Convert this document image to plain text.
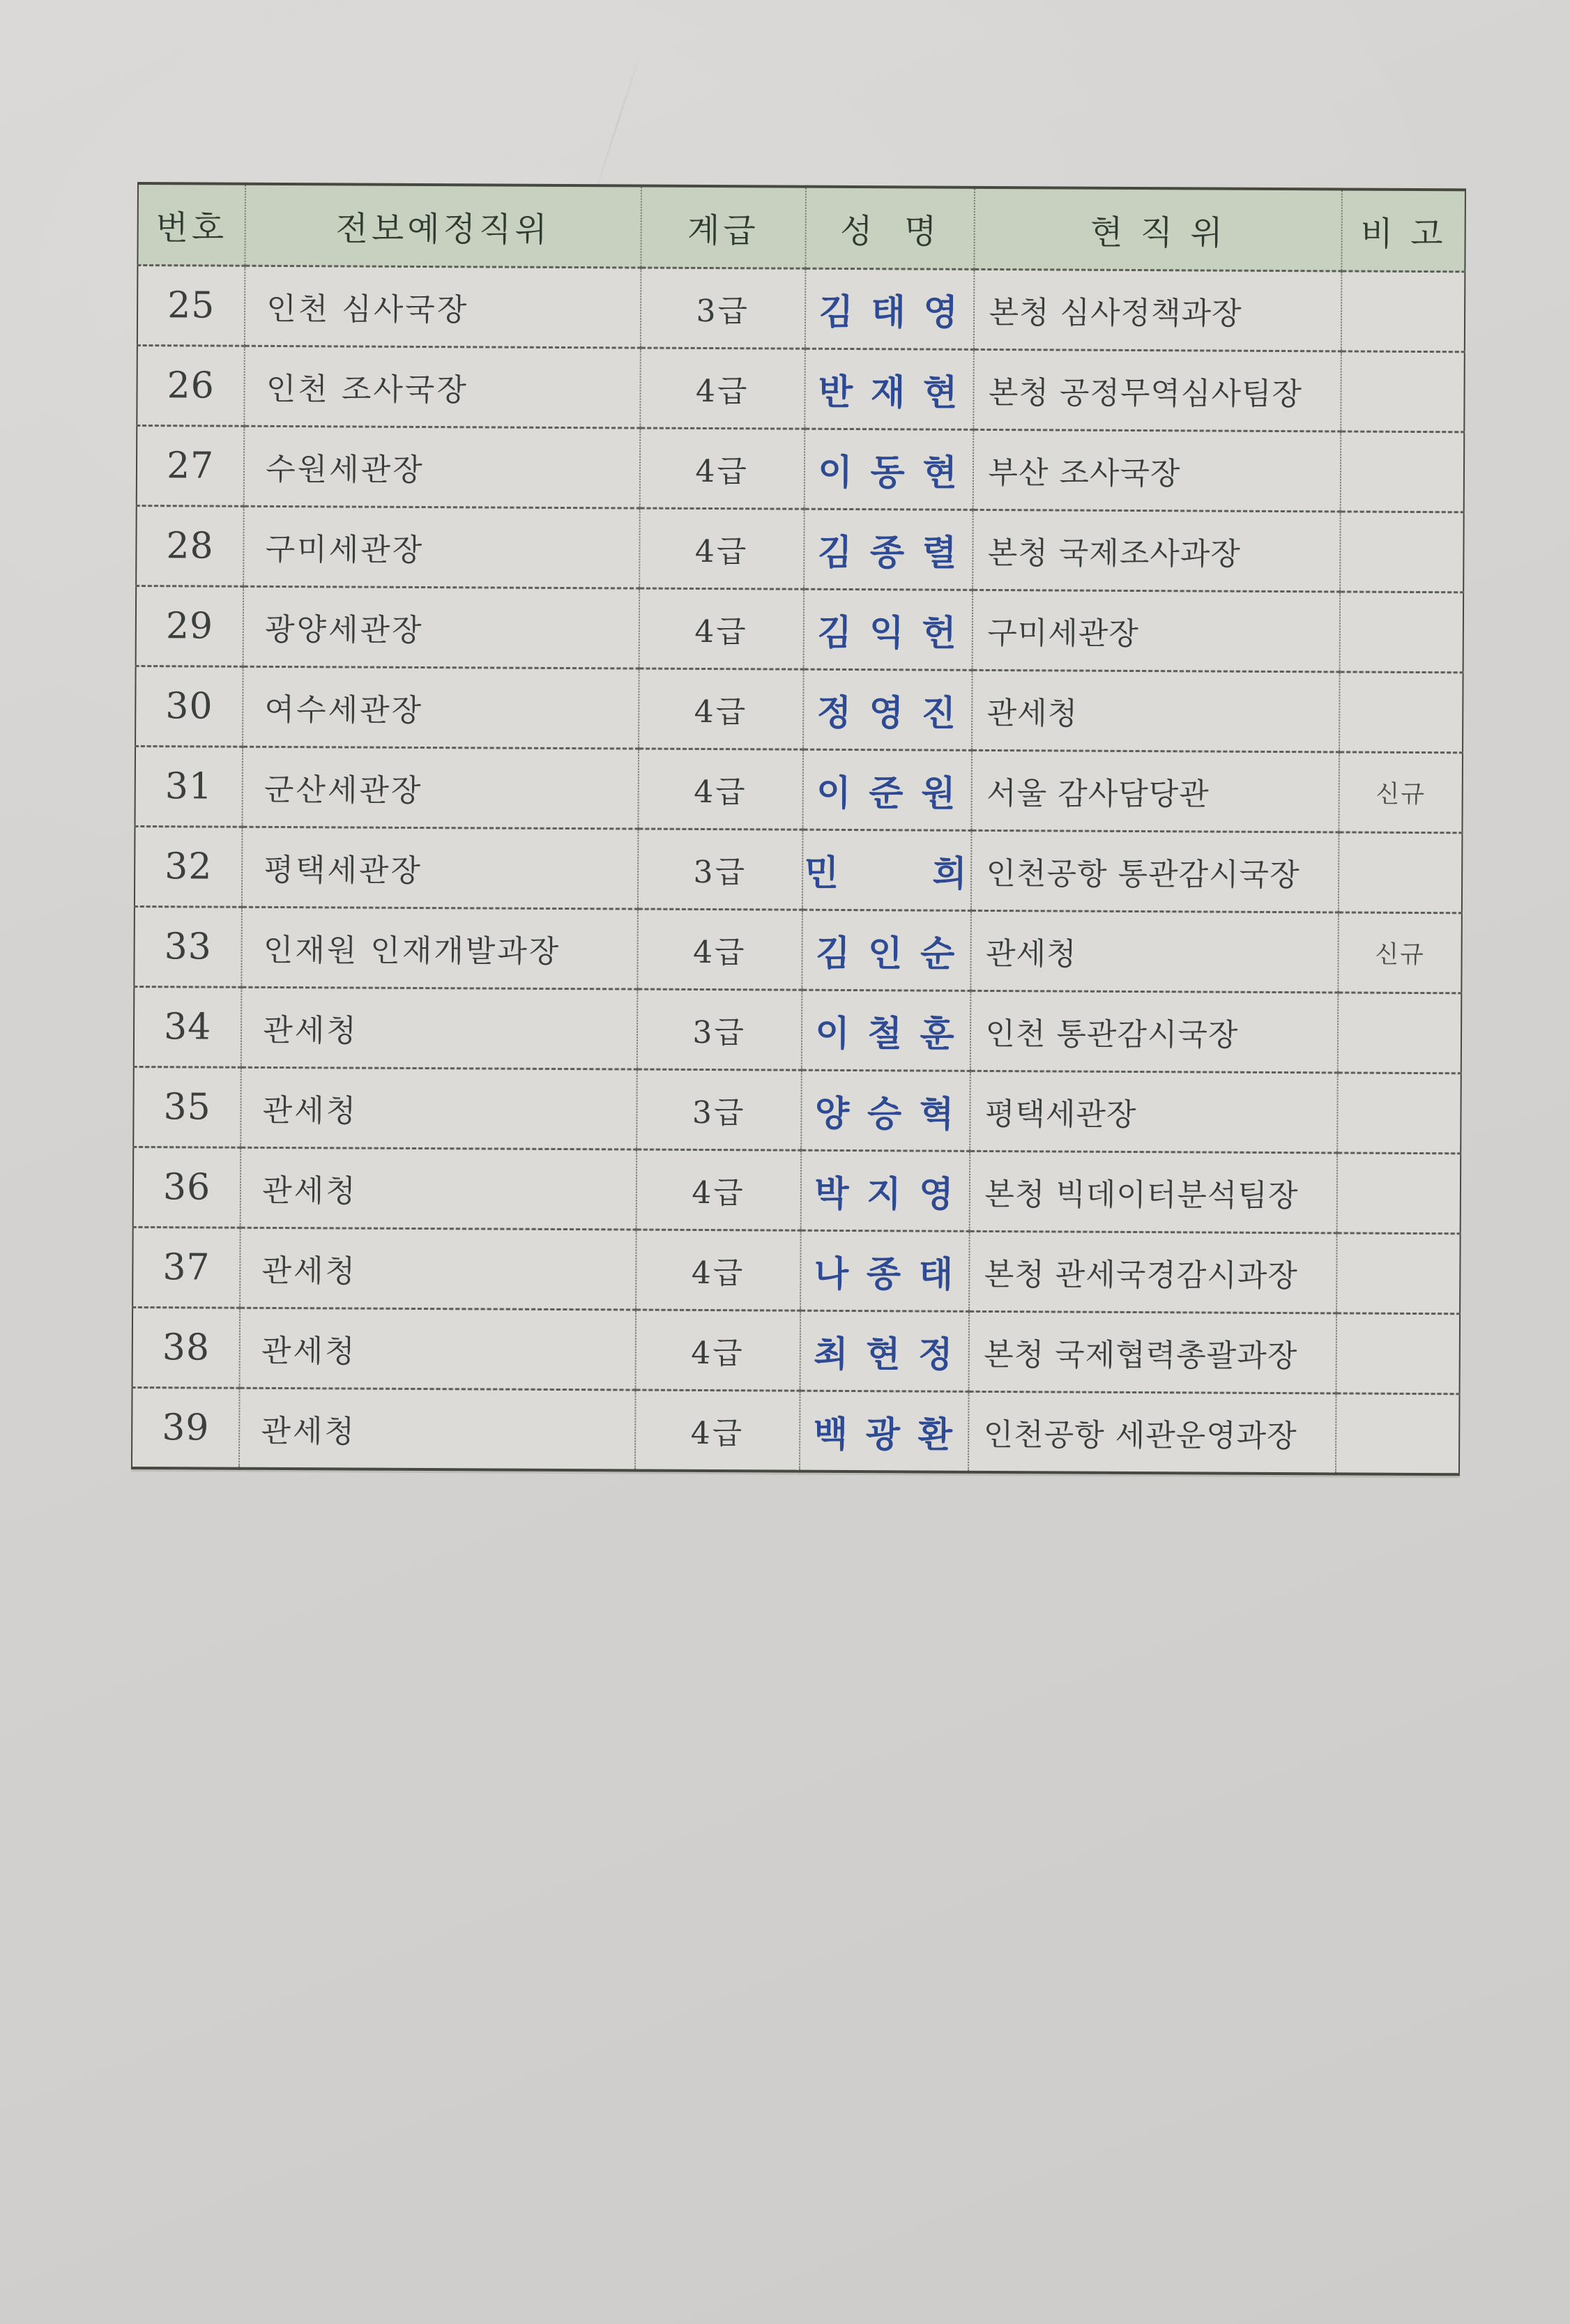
번호	전보예정직위	계급	성  명	현 직 위	비 고
25	인천 심사국장	3급	김 태 영	본청 심사정책과장	
26	인천 조사국장	4급	반 재 현	본청 공정무역심사팀장	
27	수원세관장	4급	이 동 현	부산 조사국장	
28	구미세관장	4급	김 종 렬	본청 국제조사과장	
29	광양세관장	4급	김 익 헌	구미세관장	
30	여수세관장	4급	정 영 진	관세청	
31	군산세관장	4급	이 준 원	서울 감사담당관	신규
32	평택세관장	3급	민      희	인천공항 통관감시국장	
33	인재원 인재개발과장	4급	김 인 순	관세청	신규
34	관세청	3급	이 철 훈	인천 통관감시국장	
35	관세청	3급	양 승 혁	평택세관장	
36	관세청	4급	박 지 영	본청 빅데이터분석팀장	
37	관세청	4급	나 종 태	본청 관세국경감시과장	
38	관세청	4급	최 현 정	본청 국제협력총괄과장	
39	관세청	4급	백 광 환	인천공항 세관운영과장	
